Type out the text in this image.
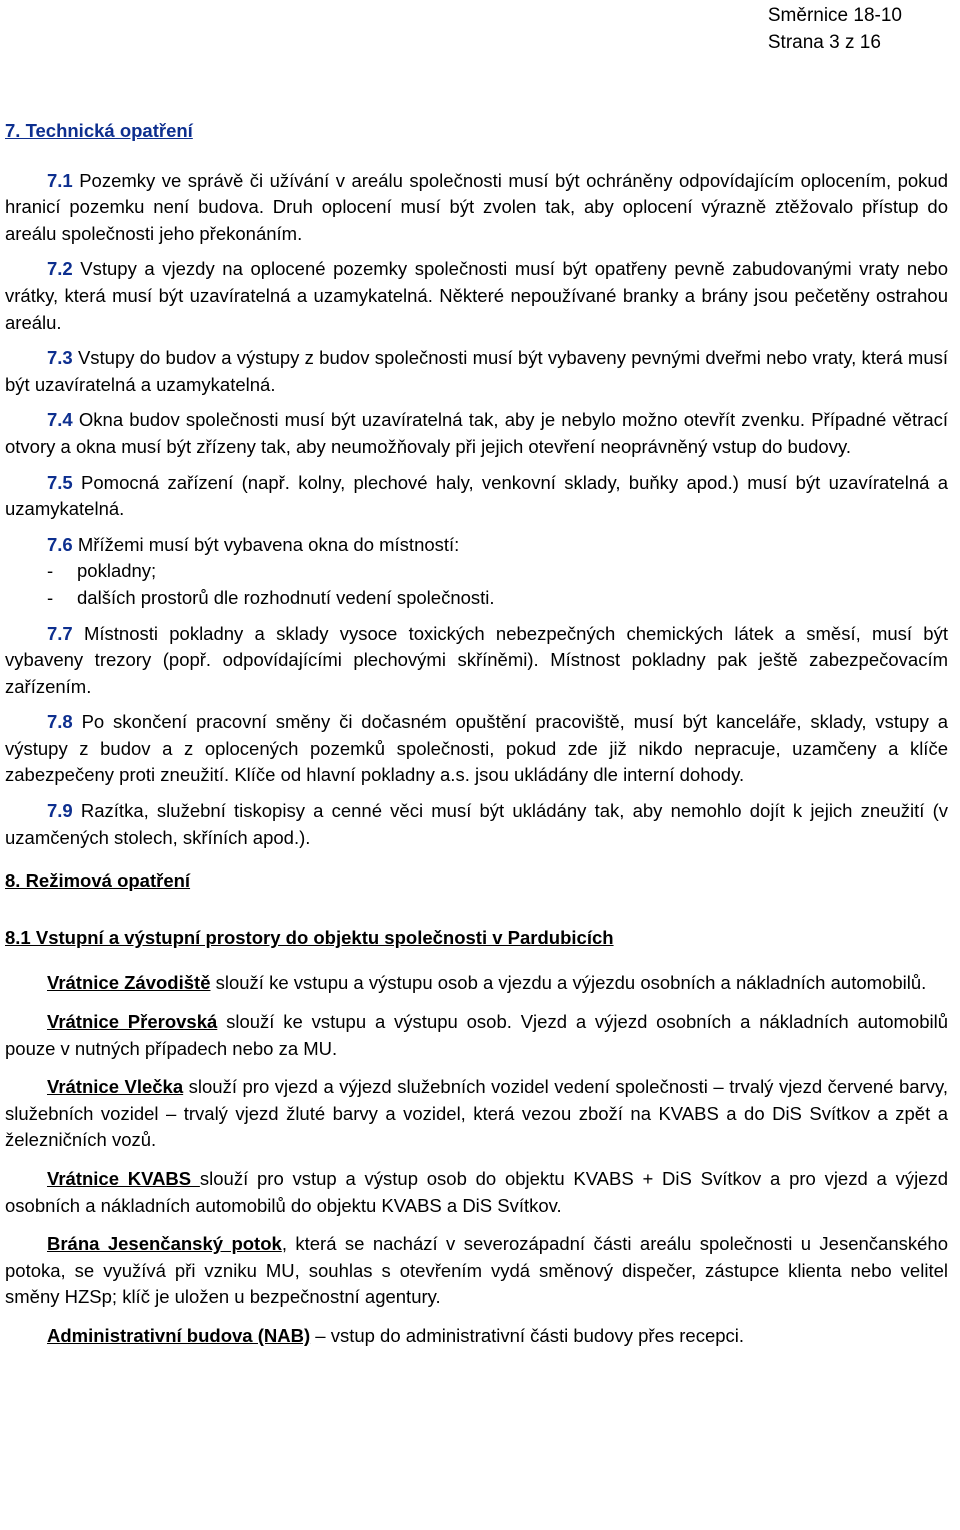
Směrnice 18-10
Strana 3 z 16
7. Technická opatření

7.1 Pozemky ve správě či užívání v areálu společnosti musí být ochráněny odpovídajícím oplocením, pokud hranicí pozemku není budova. Druh oplocení musí být zvolen tak, aby oplocení výrazně ztěžovalo přístup do areálu společnosti jeho překonáním.

7.2 Vstupy a vjezdy na oplocené pozemky společnosti musí být opatřeny pevně zabudovanými vraty nebo vrátky, která musí být uzavíratelná a uzamykatelná. Některé nepoužívané branky a brány jsou pečetěny ostrahou areálu.

7.3 Vstupy do budov a výstupy z budov společnosti musí být vybaveny pevnými dveřmi nebo vraty, která musí být uzavíratelná a uzamykatelná.

7.4 Okna budov společnosti musí být uzavíratelná tak, aby je nebylo možno otevřít zvenku. Případné větrací otvory a okna musí být zřízeny tak, aby neumožňovaly při jejich otevření neoprávněný vstup do budovy.

7.5 Pomocná zařízení (např. kolny, plechové haly, venkovní sklady, buňky apod.) musí být uzavíratelná a uzamykatelná.

7.6 Mřížemi musí být vybavena okna do místností:

- pokladny;

- dalších prostorů dle rozhodnutí vedení společnosti.

7.7 Místnosti pokladny a sklady vysoce toxických nebezpečných chemických látek a směsí, musí být vybaveny trezory (popř. odpovídajícími plechovými skříněmi). Místnost pokladny pak ještě zabezpečovacím zařízením.

7.8 Po skončení pracovní směny či dočasném opuštění pracoviště, musí být kanceláře, sklady, vstupy a výstupy z budov a z oplocených pozemků společnosti, pokud zde již nikdo nepracuje, uzamčeny a klíče zabezpečeny proti zneužití. Klíče od hlavní pokladny a.s. jsou ukládány dle interní dohody.

7.9 Razítka, služební tiskopisy a cenné věci musí být ukládány tak, aby nemohlo dojít k jejich zneužití (v uzamčených stolech, skříních apod.).

8. Režimová opatření

8.1 Vstupní a výstupní prostory do objektu společnosti v Pardubicích

Vrátnice Závodiště slouží ke vstupu a výstupu osob a vjezdu a výjezdu osobních a nákladních automobilů.

Vrátnice Přerovská slouží ke vstupu a výstupu osob. Vjezd a výjezd osobních a nákladních automobilů pouze v nutných případech nebo za MU.

Vrátnice Vlečka slouží pro vjezd a výjezd služebních vozidel vedení společnosti – trvalý vjezd červené barvy, služebních vozidel – trvalý vjezd žluté barvy a vozidel, která vezou zboží na KVABS a do DiS Svítkov a zpět a železničních vozů.

Vrátnice KVABS slouží pro vstup a výstup osob do objektu KVABS + DiS Svítkov a pro vjezd a výjezd osobních a nákladních automobilů do objektu KVABS a DiS Svítkov.

Brána Jesenčanský potok, která se nachází v severozápadní části areálu společnosti u Jesenčanského potoka, se využívá při vzniku MU, souhlas s otevřením vydá směnový dispečer, zástupce klienta nebo velitel směny HZSp; klíč je uložen u bezpečnostní agentury.

Administrativní budova (NAB) – vstup do administrativní části budovy přes recepci.
